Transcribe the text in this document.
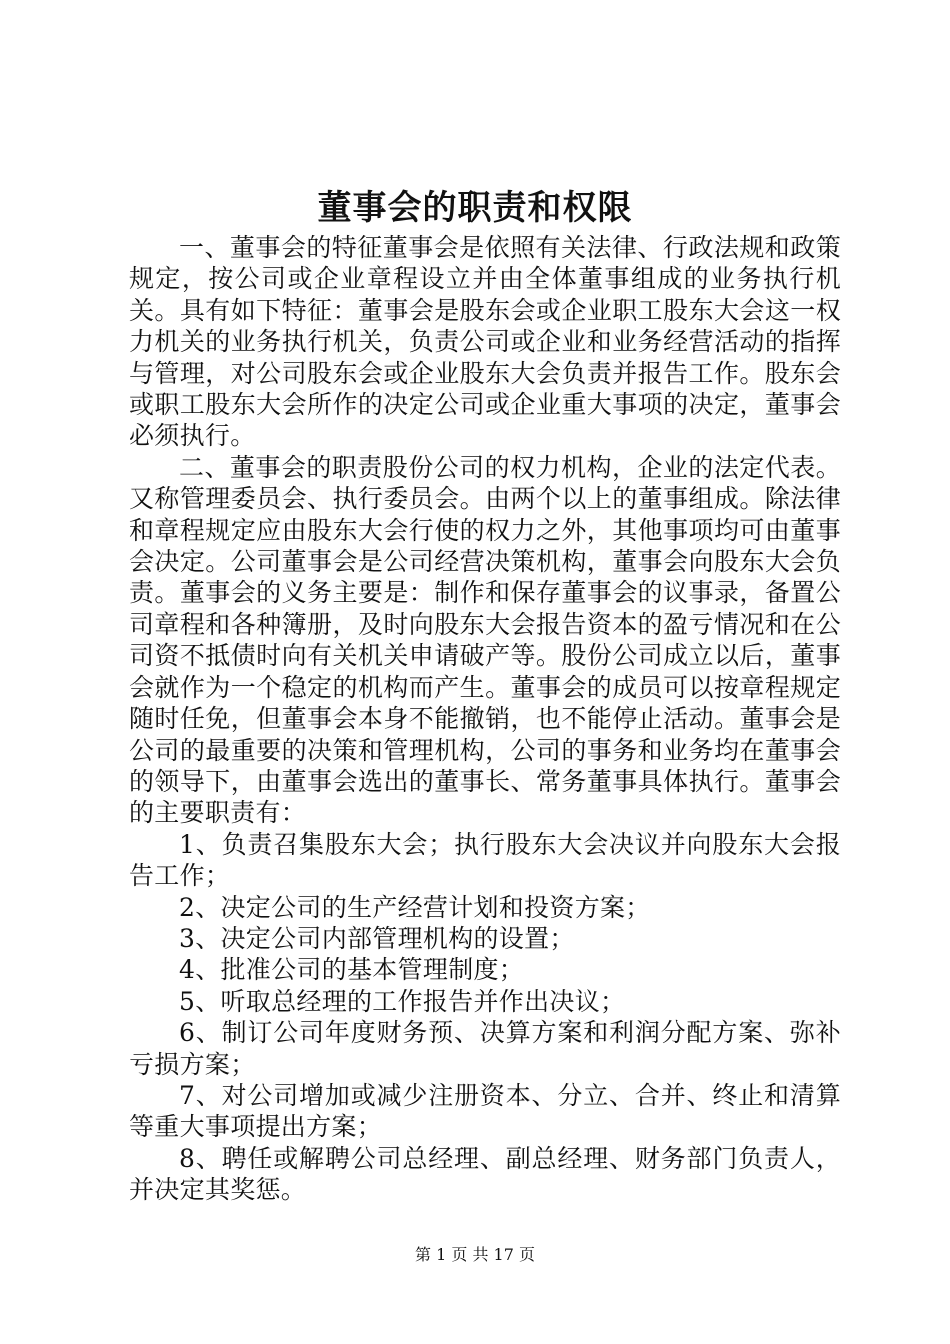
董事会的职责和权限

一、董事会的特征董事会是依照有关法律、行政法规和政策规定，按公司或企业章程设立并由全体董事组成的业务执行机关。具有如下特征：董事会是股东会或企业职工股东大会这一权力机关的业务执行机关，负责公司或企业和业务经营活动的指挥与管理，对公司股东会或企业股东大会负责并报告工作。股东会或职工股东大会所作的决定公司或企业重大事项的决定，董事会必须执行。

二、董事会的职责股份公司的权力机构，企业的法定代表。又称管理委员会、执行委员会。由两个以上的董事组成。除法律和章程规定应由股东大会行使的权力之外，其他事项均可由董事会决定。公司董事会是公司经营决策机构，董事会向股东大会负责。董事会的义务主要是：制作和保存董事会的议事录，备置公司章程和各种簿册，及时向股东大会报告资本的盈亏情况和在公司资不抵债时向有关机关申请破产等。股份公司成立以后，董事会就作为一个稳定的机构而产生。董事会的成员可以按章程规定随时任免，但董事会本身不能撤销，也不能停止活动。董事会是公司的最重要的决策和管理机构，公司的事务和业务均在董事会的领导下，由董事会选出的董事长、常务董事具体执行。董事会的主要职责有：

1、负责召集股东大会；执行股东大会决议并向股东大会报告工作；

2、决定公司的生产经营计划和投资方案；

3、决定公司内部管理机构的设置；

4、批准公司的基本管理制度；

5、听取总经理的工作报告并作出决议；

6、制订公司年度财务预、决算方案和利润分配方案、弥补亏损方案；

7、对公司增加或减少注册资本、分立、合并、终止和清算等重大事项提出方案；

8、聘任或解聘公司总经理、副总经理、财务部门负责人，并决定其奖惩。

第 1 页 共 17 页
